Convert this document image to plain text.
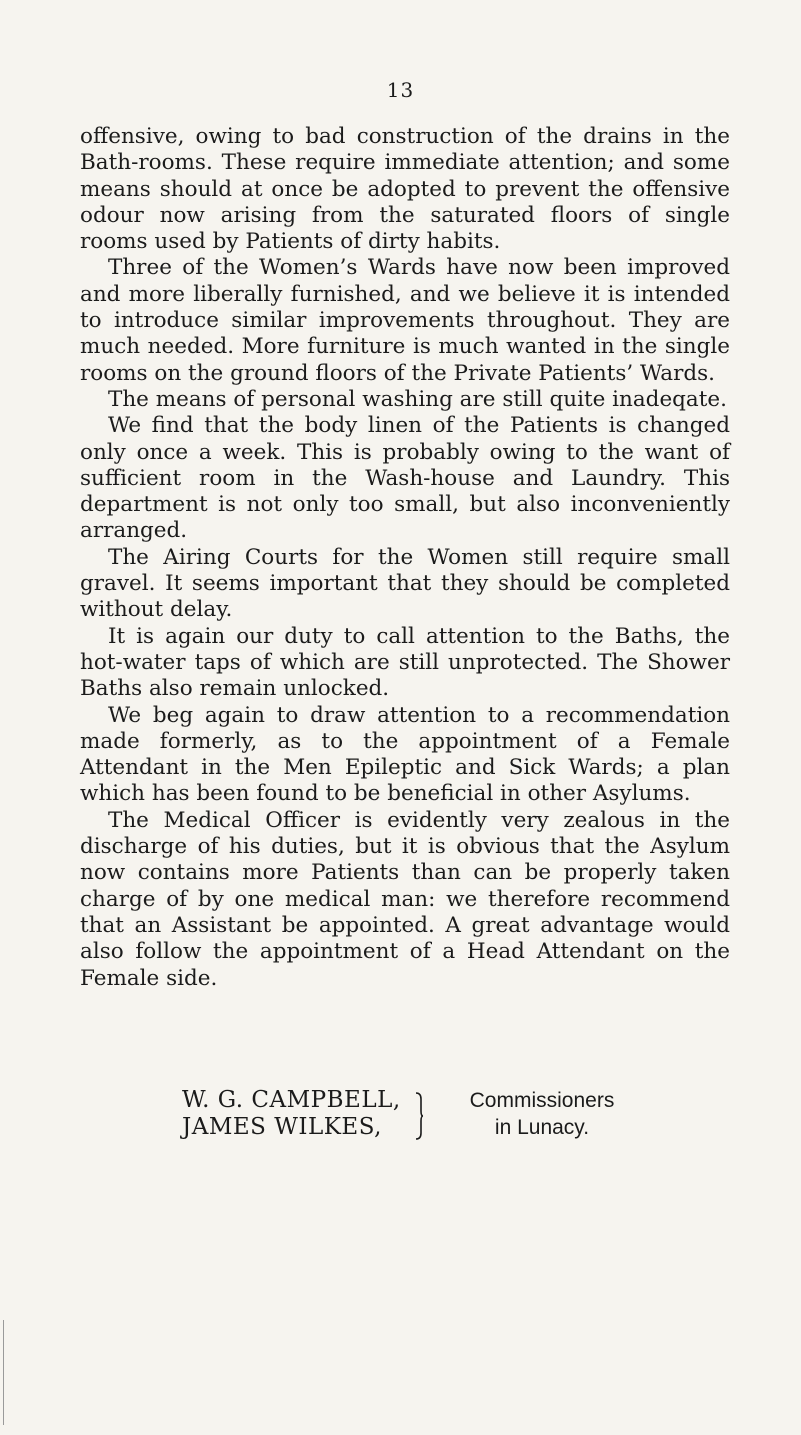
13

offensive, owing to bad construction of the drains in the Bath-rooms. These require immediate attention; and some means should at once be adopted to prevent the offensive odour now arising from the saturated floors of single rooms used by Patients of dirty habits.

Three of the Women’s Wards have now been improved and more liberally furnished, and we believe it is intended to introduce similar improvements throughout. They are much needed. More furniture is much wanted in the single rooms on the ground floors of the Private Patients’ Wards.

The means of personal washing are still quite inadeqate.

We find that the body linen of the Patients is changed only once a week. This is probably owing to the want of sufficient room in the Wash-house and Laundry. This department is not only too small, but also inconveniently arranged.

The Airing Courts for the Women still require small gravel. It seems important that they should be completed without delay.

It is again our duty to call attention to the Baths, the hot-water taps of which are still unprotected. The Shower Baths also remain unlocked.

We beg again to draw attention to a recommendation made formerly, as to the appointment of a Female Attendant in the Men Epileptic and Sick Wards; a plan which has been found to be beneficial in other Asylums.

The Medical Officer is evidently very zealous in the discharge of his duties, but it is obvious that the Asylum now contains more Patients than can be properly taken charge of by one medical man: we therefore recommend that an Assistant be appointed. A great advantage would also follow the appointment of a Head Attendant on the Female side.

W. G. CAMPBELL,
JAMES WILKES,
Commissioners
in Lunacy.
